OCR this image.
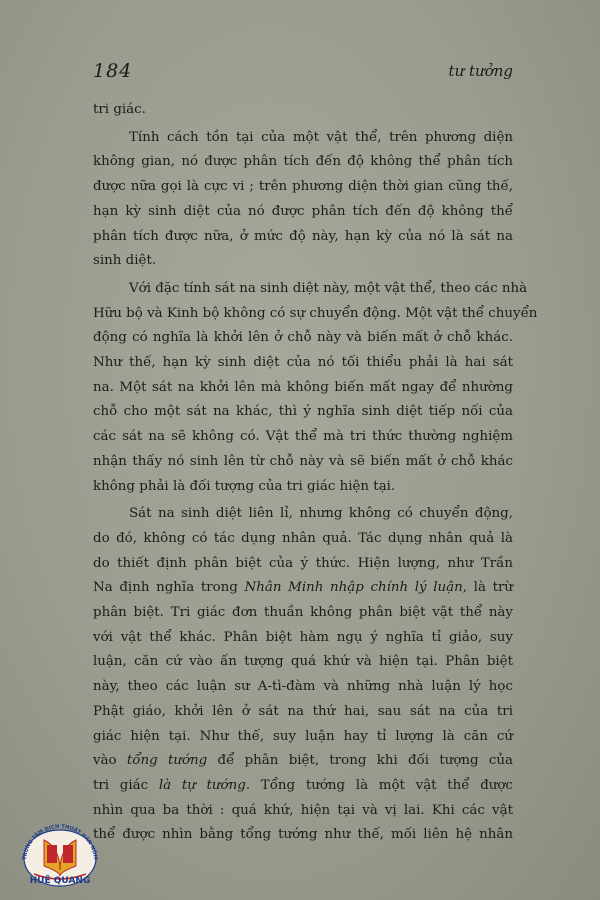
184	tư tưởng

tri giác.

Tính cách tồn tại của một vật thể, trên phương diện
không gian, nó được phân tích đến độ không thể phân tích
được nữa gọi là cực vi ; trên phương diện thời gian cũng thế,
hạn kỳ sinh diệt của nó được phân tích đến độ không thể
phân tích được nữa, ở mức độ này, hạn kỳ của nó là sát na
sinh diệt.

Với đặc tính sát na sinh diệt này, một vật thể, theo các nhà
Hữu bộ và Kinh bộ không có sự chuyển động. Một vật thể chuyển
động có nghĩa là khởi lên ở chỗ này và biến mất ở chỗ khác.
Như thế, hạn kỳ sinh diệt của nó tối thiểu phải là hai sát
na. Một sát na khởi lên mà không biến mất ngay để nhường
chỗ cho một sát na khác, thì ý nghĩa sinh diệt tiếp nối của
các sát na sẽ không có. Vật thể mà tri thức thường nghiệm
nhận thấy nó sinh lên từ chỗ này và sẽ biến mất ở chỗ khác
không phải là đối tượng của tri giác hiện tại.

Sát na sinh diệt liên lỉ, nhưng không có chuyển động,
do đó, không có tác dụng nhân quả. Tác dụng nhân quả là
do thiết định phân biệt của ý thức. Hiện lượng, như Trần
Na định nghĩa trong Nhân Minh nhập chính lý luận, là trừ
phân biệt. Tri giác đơn thuần không phân biệt vật thể này
với vật thể khác. Phân biệt hàm ngụ ý nghĩa tỉ giảo, suy
luận, căn cứ vào ấn tượng quá khứ và hiện tại. Phân biệt
này, theo các luận sư A-tì-đàm và những nhà luận lý học
Phật giáo, khởi lên ở sát na thứ hai, sau sát na của tri
giác hiện tại. Như thế, suy luận hay tỉ lượng là căn cứ
vào tổng tướng để phân biệt, trong khi đối tượng của
tri giác là tự tướng. Tổng tướng là một vật thể được
nhìn qua ba thời : quá khứ, hiện tại và vị lai. Khi các vật
thể được nhìn bằng tổng tướng như thế, mối liên hệ nhân

TRUNG TÂM DỊCH THUẬT HÁN NÔM
HUỆ QUANG
